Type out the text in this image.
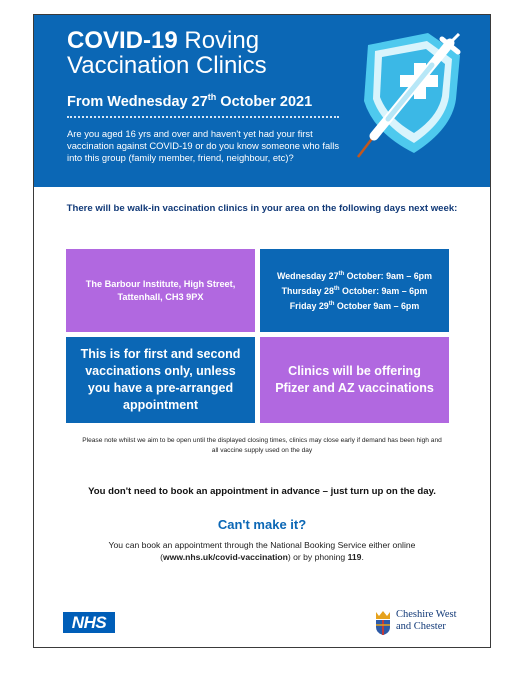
COVID-19 Roving
Vaccination Clinics

From Wednesday 27th October 2021

Are you aged 16 yrs and over and haven't yet had your first vaccination against COVID-19 or do you know someone who falls into this group (family member, friend, neighbour, etc)?

There will be walk-in vaccination clinics in your area on the following days next week:

The Barbour Institute, High Street, Tattenhall, CH3 9PX
Wednesday 27th October: 9am – 6pm
Thursday 28th October: 9am – 6pm
Friday 29th October 9am – 6pm
This is for first and second vaccinations only, unless you have a pre-arranged appointment
Clinics will be offering Pfizer and AZ vaccinations

Please note whilst we aim to be open until the displayed closing times, clinics may close early if demand has been high and all vaccine supply used on the day

You don't need to book an appointment in advance – just turn up on the day.

Can't make it?

You can book an appointment through the National Booking Service either online (www.nhs.uk/covid-vaccination) or by phoning 119.

NHS	Cheshire West
and Chester
